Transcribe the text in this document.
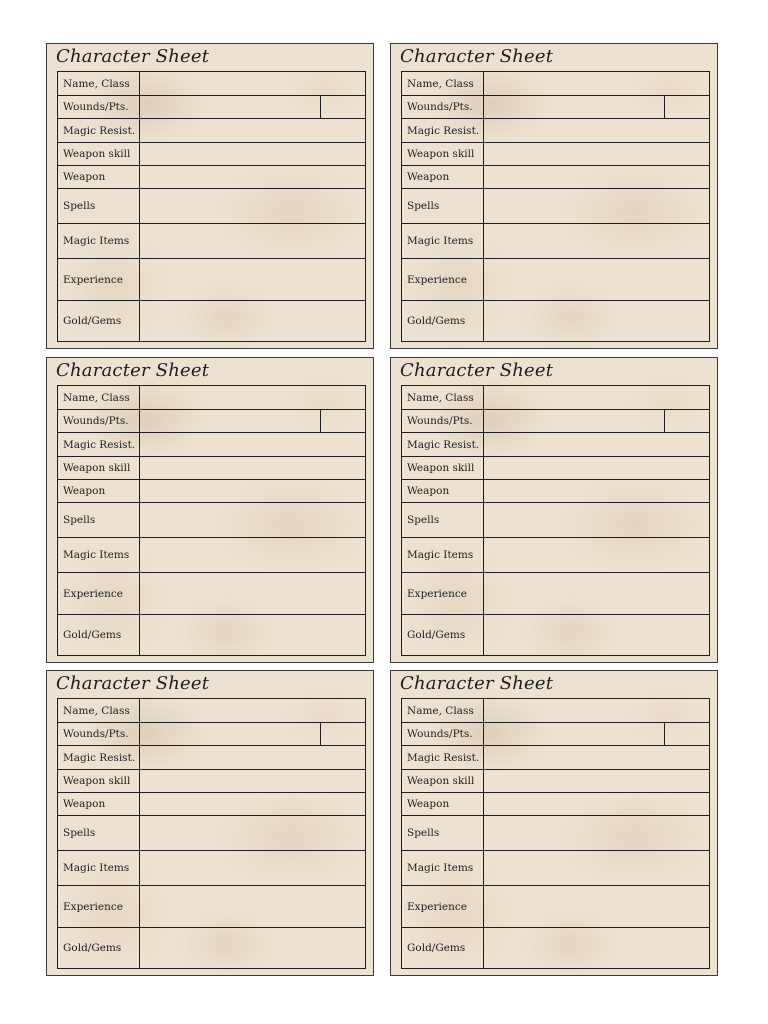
Character Sheet
Name, Class
Wounds/Pts.
Magic Resist.
Weapon skill
Weapon
Spells
Magic Items
Experience
Gold/Gems
Character Sheet
Name, Class
Wounds/Pts.
Magic Resist.
Weapon skill
Weapon
Spells
Magic Items
Experience
Gold/Gems
Character Sheet
Name, Class
Wounds/Pts.
Magic Resist.
Weapon skill
Weapon
Spells
Magic Items
Experience
Gold/Gems
Character Sheet
Name, Class
Wounds/Pts.
Magic Resist.
Weapon skill
Weapon
Spells
Magic Items
Experience
Gold/Gems
Character Sheet
Name, Class
Wounds/Pts.
Magic Resist.
Weapon skill
Weapon
Spells
Magic Items
Experience
Gold/Gems
Character Sheet
Name, Class
Wounds/Pts.
Magic Resist.
Weapon skill
Weapon
Spells
Magic Items
Experience
Gold/Gems
